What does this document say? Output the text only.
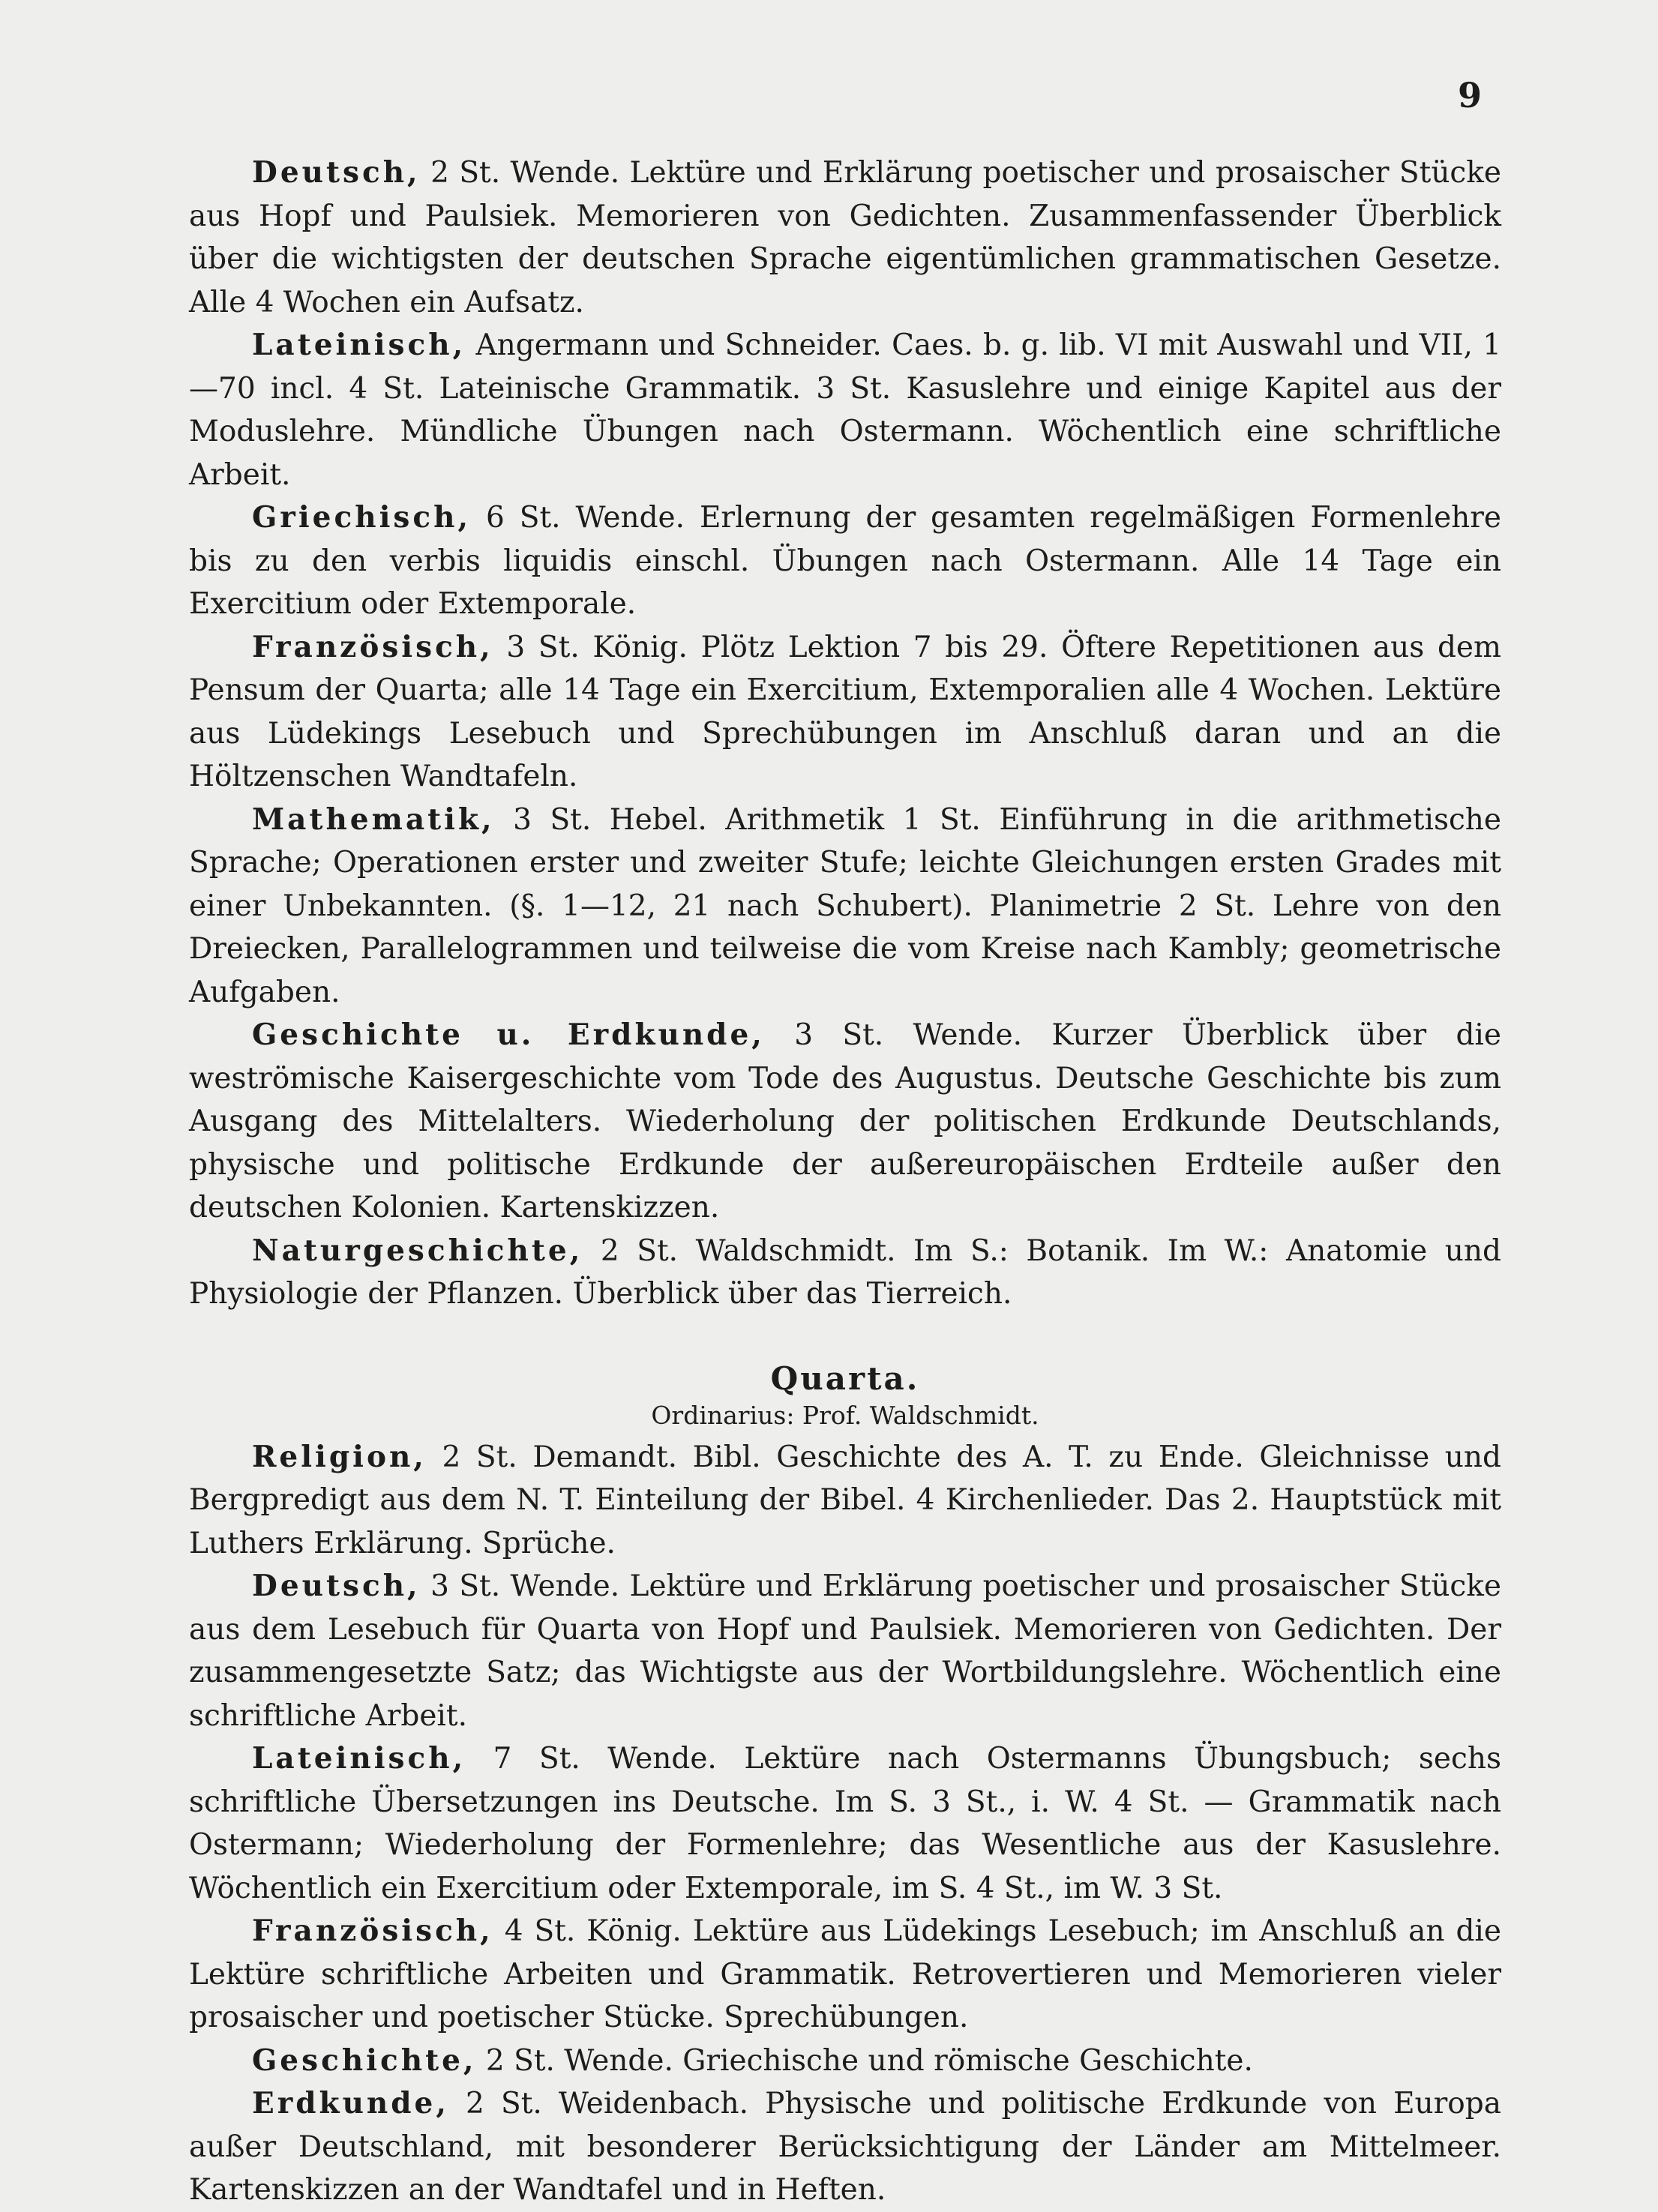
9

Deutsch, 2 St. Wende. Lektüre und Erklärung poetischer und prosaischer Stücke aus Hopf und Paulsiek. Memorieren von Gedichten. Zusammenfassender Überblick über die wichtigsten der deutschen Sprache eigentümlichen grammatischen Gesetze. Alle 4 Wochen ein Aufsatz.

Lateinisch, Angermann und Schneider. Caes. b. g. lib. VI mit Auswahl und VII, 1—70 incl. 4 St. Lateinische Grammatik. 3 St. Kasuslehre und einige Kapitel aus der Moduslehre. Mündliche Übungen nach Ostermann. Wöchentlich eine schriftliche Arbeit.

Griechisch, 6 St. Wende. Erlernung der gesamten regelmäßigen Formenlehre bis zu den verbis liquidis einschl. Übungen nach Ostermann. Alle 14 Tage ein Exercitium oder Extemporale.

Französisch, 3 St. König. Plötz Lektion 7 bis 29. Öftere Repetitionen aus dem Pensum der Quarta; alle 14 Tage ein Exercitium, Extemporalien alle 4 Wochen. Lektüre aus Lüdekings Lesebuch und Sprechübungen im Anschluß daran und an die Höltzenschen Wandtafeln.

Mathematik, 3 St. Hebel. Arithmetik 1 St. Einführung in die arithmetische Sprache; Operationen erster und zweiter Stufe; leichte Gleichungen ersten Grades mit einer Unbekannten. (§. 1—12, 21 nach Schubert). Planimetrie 2 St. Lehre von den Dreiecken, Parallelogrammen und teilweise die vom Kreise nach Kambly; geometrische Aufgaben.

Geschichte u. Erdkunde, 3 St. Wende. Kurzer Überblick über die weströmische Kaisergeschichte vom Tode des Augustus. Deutsche Geschichte bis zum Ausgang des Mittelalters. Wiederholung der politischen Erdkunde Deutschlands, physische und politische Erdkunde der außereuropäischen Erdteile außer den deutschen Kolonien. Kartenskizzen.

Naturgeschichte, 2 St. Waldschmidt. Im S.: Botanik. Im W.: Anatomie und Physiologie der Pflanzen. Überblick über das Tierreich.

Quarta.
Ordinarius: Prof. Waldschmidt.

Religion, 2 St. Demandt. Bibl. Geschichte des A. T. zu Ende. Gleichnisse und Bergpredigt aus dem N. T. Einteilung der Bibel. 4 Kirchenlieder. Das 2. Hauptstück mit Luthers Erklärung. Sprüche.

Deutsch, 3 St. Wende. Lektüre und Erklärung poetischer und prosaischer Stücke aus dem Lesebuch für Quarta von Hopf und Paulsiek. Memorieren von Gedichten. Der zusammengesetzte Satz; das Wichtigste aus der Wortbildungslehre. Wöchentlich eine schriftliche Arbeit.

Lateinisch, 7 St. Wende. Lektüre nach Ostermanns Übungsbuch; sechs schriftliche Übersetzungen ins Deutsche. Im S. 3 St., i. W. 4 St. — Grammatik nach Ostermann; Wiederholung der Formenlehre; das Wesentliche aus der Kasuslehre. Wöchentlich ein Exercitium oder Extemporale, im S. 4 St., im W. 3 St.

Französisch, 4 St. König. Lektüre aus Lüdekings Lesebuch; im Anschluß an die Lektüre schriftliche Arbeiten und Grammatik. Retrovertieren und Memorieren vieler prosaischer und poetischer Stücke. Sprechübungen.

Geschichte, 2 St. Wende. Griechische und römische Geschichte.

Erdkunde, 2 St. Weidenbach. Physische und politische Erdkunde von Europa außer Deutschland, mit besonderer Berücksichtigung der Länder am Mittelmeer. Kartenskizzen an der Wandtafel und in Heften.
